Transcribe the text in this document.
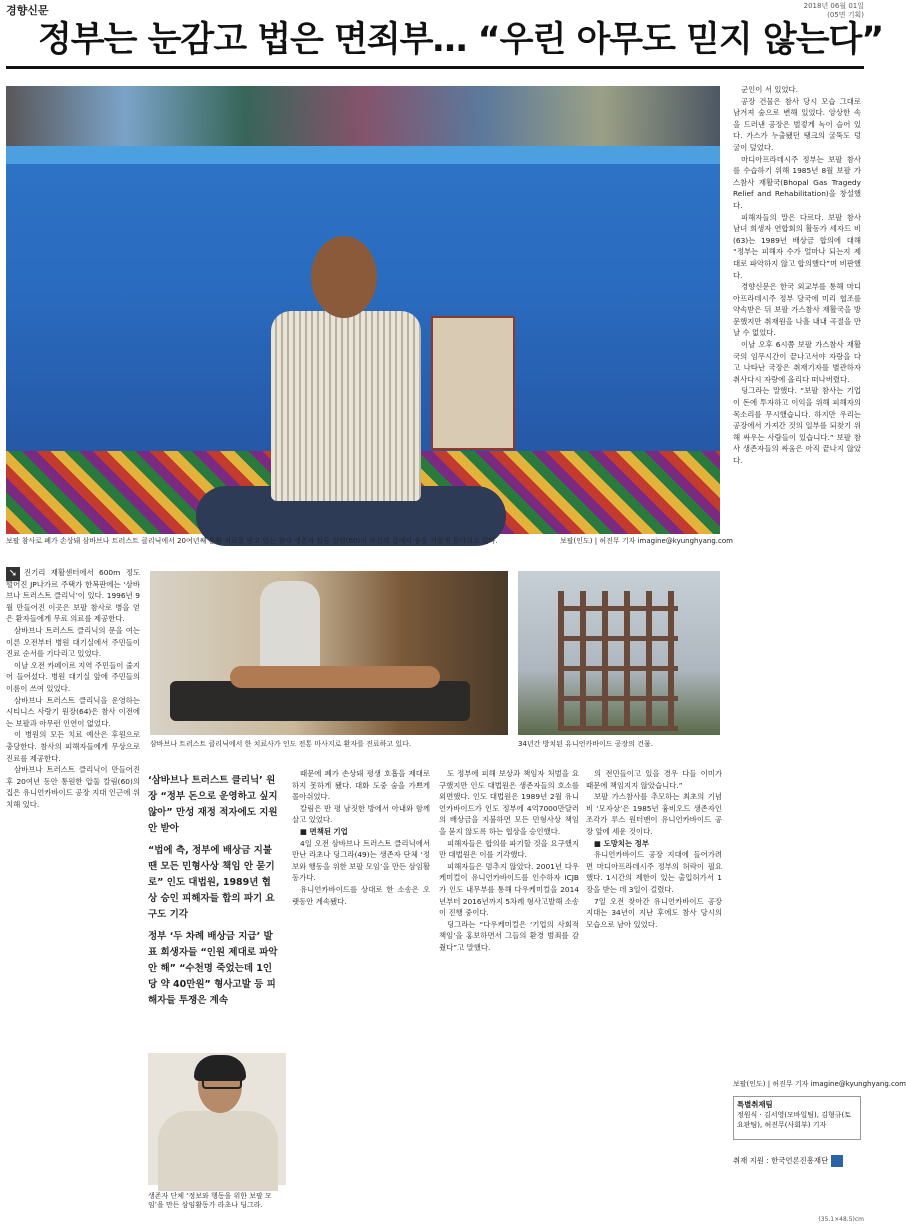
경향신문	2018년 06월 01일
(05면 기획)
정부는 눈감고 법은 면죄부… “우린 아무도 믿지 않는다”
보팔 참사로 폐가 손상돼 삼바브나 트러스트 클리닉에서 20여년째 통원 치료를 받고 있는 참사 생존자 압둘 칼림(60)이 자신의 집에서 숨을 거칠게 몰아쉬고 있다.	보팔(인도) | 허진무 기자 imagine@kyunghyang.com

군인이 서 있었다.

공장 건물은 참사 당시 모습 그대로 남겨져 숲으로 변해 있었다. 앙상한 속을 드러낸 공장은 벌겋게 녹이 슬어 있다. 가스가 누출됐던 탱크의 굴뚝도 덩굴이 덮었다.

마디아프라데시주 정부는 보팔 참사를 수습하기 위해 1985년 8월 보팔 가스참사 재활국(Bhopal Gas Tragedy Relief and Rehabilitation)을 창설했다.

피해자들의 말은 다르다. 보팔 참사 남녀 희생자 연합회의 활동가 세자드 비(63)는 1989년 배상금 합의에 대해 “정부는 피해자 수가 얼마나 되는지 제대로 파악하지 않고 합의했다”며 비판했다.

경향신문은 한국 외교부를 통해 마디아프라데시주 정부 당국에 미리 협조를 약속받은 뒤 보팔 가스참사 재활국을 방문했지만 취재원을 나흘 내내 곡절을 만날 수 없었다.

이날 오후 6시쯤 보팔 가스참사 재활국의 임무시간이 끝나고서야 자랑을 다고 나타난 국장은 취재기자를 별관하자 취사다시 자랑에 올리다 떠나버렸다.

딩그라는 말했다. “보팔 참사는 기업이 돈에 투자하고 이익을 위해 피해자의 목소리를 무시했습니다. 하지만 우리는 공장에서 가져간 것의 일부를 되찾기 위해 싸우는 사람들이 있습니다.” 보팔 참사 생존자들의 싸움은 아직 끝나지 않았다.

보팔(인도) | 허진무 기자 imagine@kyunghyang.com
특별취재팀
정원식 · 김서영(모바일팀), 김형규(토요판팀), 허진무(사회부) 기자
취재 지원 : 한국언론진흥재단
➘ 진기리 재활센터에서 600m 정도 떨어진 JP나가르 주택가 한복판에는 ‘삼바브나 트러스트 클리닉’이 있다. 1996년 9월 만들어진 이곳은 보팔 참사로 병을 얻은 환자들에게 무료 의료를 제공한다.

삼바브나 트러스트 클리닉의 문을 여는 이른 오전부터 병원 대기실에서 주민들이 진료 순서를 기다리고 있었다.

이날 오전 카페이르 지역 주민들이 줄지어 들어섰다. 병원 대기실 앞에 주민들의 이름이 쓰여 있었다.

삼바브나 트러스트 클리닉을 운영하는 시티니스 사랑기 원장(64)은 참사 이전에는 보팔과 아무런 인연이 없었다.

이 병원의 모든 치료 예산은 후원으로 충당한다. 참사의 피해자들에게 무상으로 진료를 제공한다.

삼바브나 트러스트 클리닉이 만들어진 후 20여년 동안 통원한 압둘 칼림(60)의 집은 유니언카바이드 공장 지대 인근에 위치해 있다.

삼바브나 트러스트 클리닉에서 한 치료사가 인도 전통 마사지로 환자를 진료하고 있다.	34년간 방치된 유니언카바이드 공장의 건물.
‘삼바브나 트러스트 클리닉’ 원장 “정부 돈으로 운영하고 싶지 않아” 만성 재정 적자에도 지원 안 받아
“법에 측, 정부에 배상금 지불 땐 모든 민형사상 책임 안 묻기로” 인도 대법원, 1989년 협상 승인 피해자들 합의 파기 요구도 기각
정부 ‘두 차례 배상금 지급’ 발표 희생자들 “인원 제대로 파악 안 해” “수천명 죽었는데 1인당 약 40만원” 형사고발 등 피해자들 투쟁은 계속
생존자 단체 ‘정보와 행동을 위한 보팔 모임’을 만든 삼임활동가 라초나 딩그라.

때문에 폐가 손상돼 평생 호흡을 제대로 하지 못하게 됐다. 대화 도중 숨을 가쁘게 몰아쉬었다.

칼림은 반 평 남짓한 방에서 아내와 함께 살고 있었다.

■ 면책된 기업

4일 오전 삼바브나 트러스트 클리닉에서 만난 라초나 딩그라(49)는 생존자 단체 ‘정보와 행동을 위한 보팔 모임’을 만든 삼임활동가다.

유니언카바이드를 상대로 한 소송은 오랫동안 계속됐다.

도 정부에 피해 보상과 책임자 처벌을 요구했지만 인도 대법원은 생존자들의 호소를 외면했다. 인도 대법원은 1989년 2월 유니언카바이드가 인도 정부에 4억7000만달러의 배상금을 지불하면 모든 민형사상 책임을 묻지 않도록 하는 협상을 승인했다.

피해자들은 합의를 파기할 것을 요구했지만 대법원은 이를 기각했다.

피해자들은 멈추지 않았다. 2001년 다우케미컬이 유니언카바이드를 인수하자 ICJB가 인도 내무부를 통해 다우케미컬을 2014년부터 2016년까지 5차례 형사고발해 소송이 진행 중이다.

딩그라는 “다우케미컬은 ‘기업의 사회적 책임’을 홍보하면서 그들의 환경 범죄를 감췄다”고 말했다.

의 전민들이고 있을 경우 다들 이미가 때문에 책임지지 않았습니다.”

보팔 가스참사를 추모하는 최초의 기념비 ‘모자상’은 1985년 흉비오드 생존자인 조각가 루스 원터맨이 유니언카바이드 공장 앞에 세운 것이다.

■ 도망치는 정부

유니언카바이드 공장 지대에 들어가려면 마디아프라데시주 정부의 허락이 필요했다. 1시간의 제한이 있는 출입허가서 1장을 받는 데 3일이 걸렸다.

7일 오전 찾아간 유니언카바이드 공장 지대는 34년이 지난 후에도 참사 당시의 모습으로 남아 있었다.

(35.1×48.5)cm
